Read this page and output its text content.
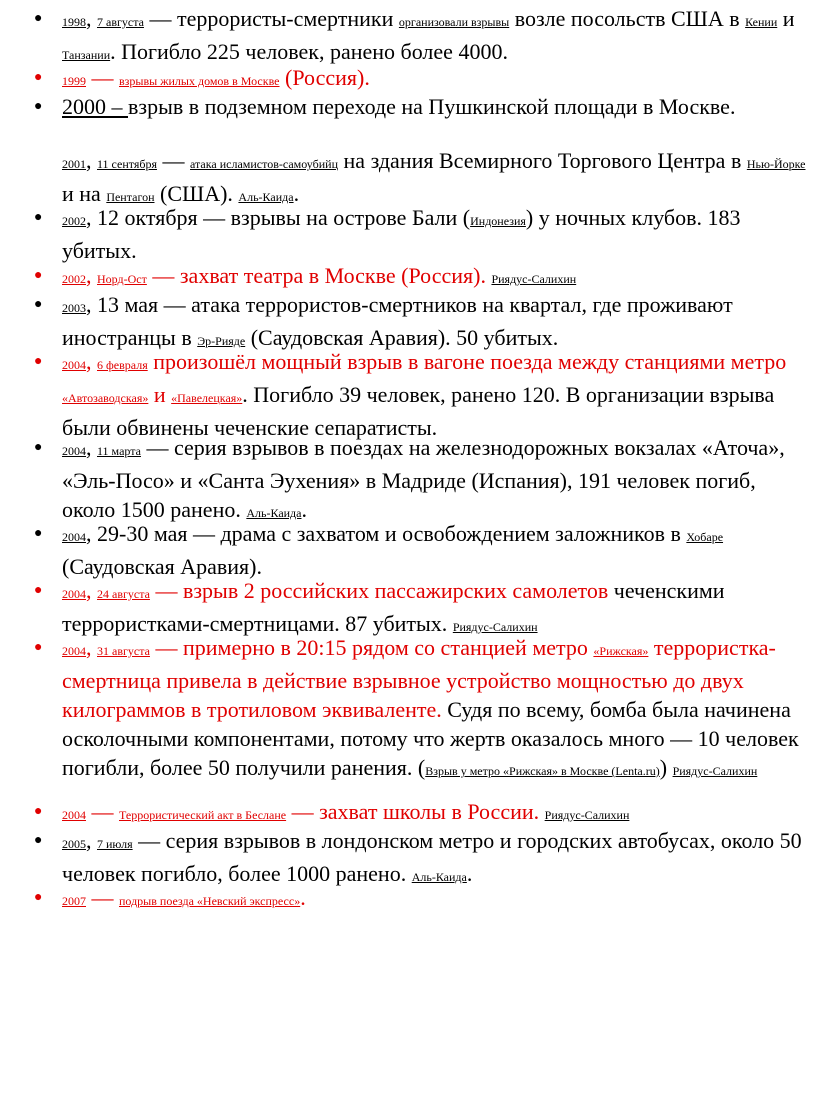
● 1998, 7 августа — террористы-смертники организовали взрывы возле посольств США в Кении и Танзании. Погибло 225 человек, ранено более 4000.
● 1999 — взрывы жилых домов в Москве (Россия).
● 2000 – взрыв в подземном переходе на Пушкинской площади в Москве.
2001, 11 сентября — атака исламистов-самоубийц на здания Всемирного Торгового Центра в Нью-Йорке и на Пентагон (США). Аль-Каида.
● 2002, 12 октября — взрывы на острове Бали (Индонезия) у ночных клубов. 183 убитых.
● 2002, Норд-Ост — захват театра в Москве (Россия). Риядус-Салихин
● 2003, 13 мая — атака террористов-смертников на квартал, где проживают иностранцы в Эр-Рияде (Саудовская Аравия). 50 убитых.
● 2004, 6 февраля произошёл мощный взрыв в вагоне поезда между станциями метро «Автозаводская» и «Павелецкая». Погибло 39 человек, ранено 120. В организации взрыва были обвинены чеченские сепаратисты.
● 2004, 11 марта — серия взрывов в поездах на железнодорожных вокзалах «Аточа», «Эль-Посо» и «Санта Эухения» в Мадриде (Испания), 191 человек погиб, около 1500 ранено. Аль-Каида.
● 2004, 29-30 мая — драма с захватом и освобождением заложников в Хобаре (Саудовская Аравия).
● 2004, 24 августа — взрыв 2 российских пассажирских самолетов чеченскими террористками-смертницами. 87 убитых. Риядус-Салихин
● 2004, 31 августа — примерно в 20:15 рядом со станцией метро «Рижская» террористка-смертница привела в действие взрывное устройство мощностью до двух килограммов в тротиловом эквиваленте. Судя по всему, бомба была начинена осколочными компонентами, потому что жертв оказалось много — 10 человек погибли, более 50 получили ранения. (Взрыв у метро «Рижская» в Москве (Lenta.ru)) Риядус-Салихин
● 2004 — Террористический акт в Беслане — захват школы в России. Риядус-Салихин
● 2005, 7 июля — серия взрывов в лондонском метро и городских автобусах, около 50 человек погибло, более 1000 ранено. Аль-Каида.
● 2007 — подрыв поезда «Невский экспресс».
